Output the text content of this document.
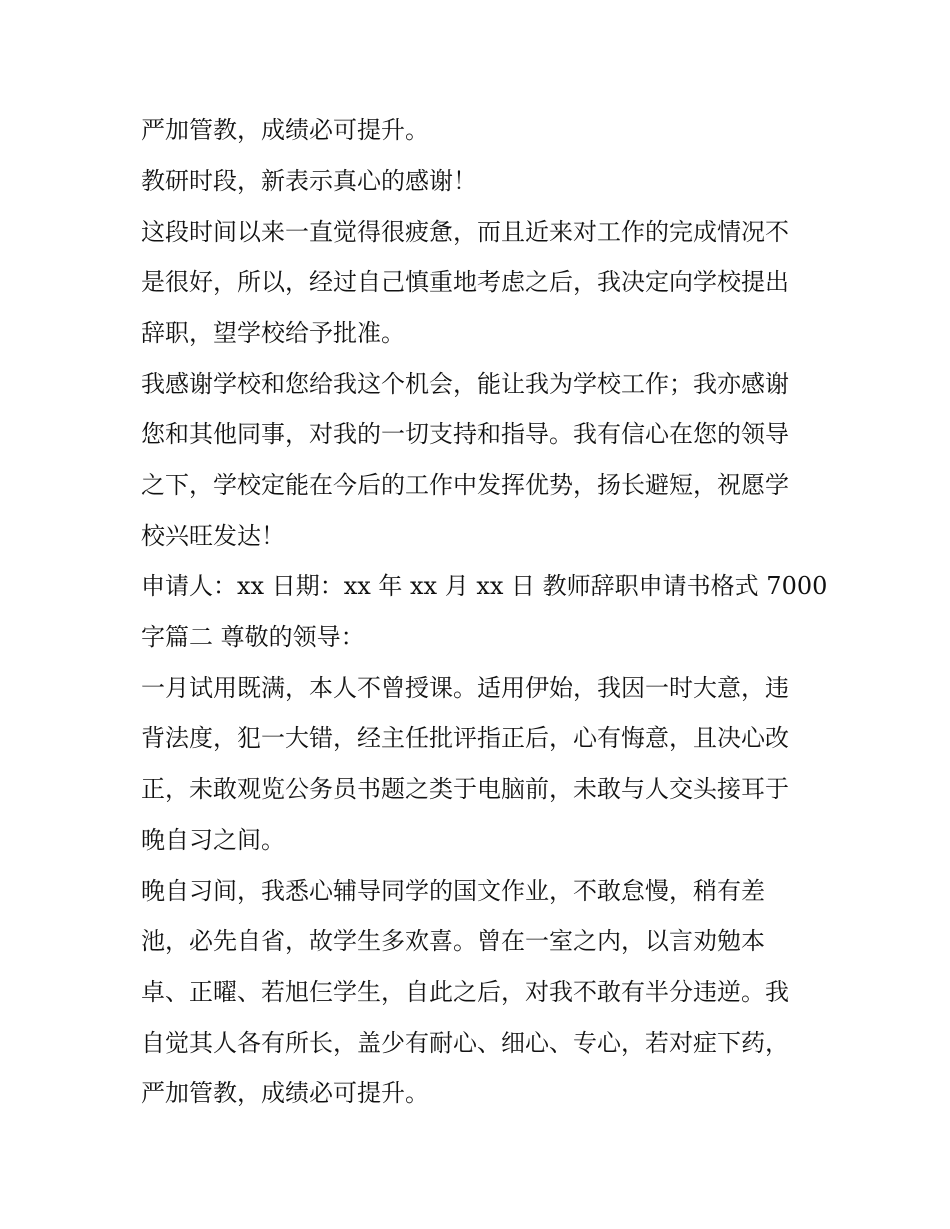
严加管教，成绩必可提升。

教研时段，新表示真心的感谢！

这段时间以来一直觉得很疲惫，而且近来对工作的完成情况不

是很好，所以，经过自己慎重地考虑之后，我决定向学校提出

辞职，望学校给予批准。

我感谢学校和您给我这个机会，能让我为学校工作；我亦感谢

您和其他同事，对我的一切支持和指导。我有信心在您的领导

之下，学校定能在今后的工作中发挥优势，扬长避短，祝愿学

校兴旺发达！

申请人：xx 日期：xx 年 xx 月 xx 日 教师辞职申请书格式 7000

字篇二 尊敬的领导：

一月试用既满，本人不曾授课。适用伊始，我因一时大意，违

背法度，犯一大错，经主任批评指正后，心有悔意，且决心改

正，未敢观览公务员书题之类于电脑前，未敢与人交头接耳于

晚自习之间。

晚自习间，我悉心辅导同学的国文作业，不敢怠慢，稍有差

池，必先自省，故学生多欢喜。曾在一室之内，以言劝勉本

卓、正曜、若旭仨学生，自此之后，对我不敢有半分违逆。我

自觉其人各有所长，盖少有耐心、细心、专心，若对症下药，

严加管教，成绩必可提升。
